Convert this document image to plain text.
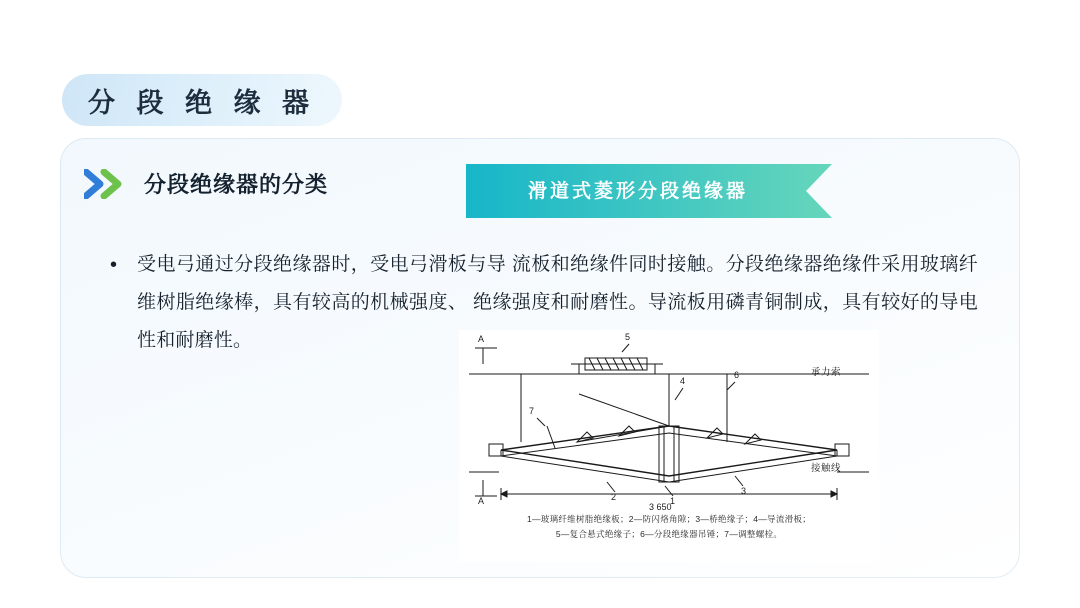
分 段 绝 缘 器
分段绝缘器的分类	滑道式菱形分段绝缘器
• 受电弓通过分段绝缘器时，受电弓滑板与导 流板和绝缘件同时接触。分段绝缘器绝缘件采用玻璃纤维树脂绝缘棒，具有较高的机械强度、 绝缘强度和耐磨性。导流板用磷青铜制成，具有较好的导电性和耐磨性。	5
4
6
7
1
2
3
A
A
3 650
承力索
接触线
1—玻璃纤维树脂绝缘板；2—防闪烙角隙；3—桥绝缘子；4—导流滑板；
5—复合悬式绝缘子；6—分段绝缘器吊锤；7—调整螺栓。
